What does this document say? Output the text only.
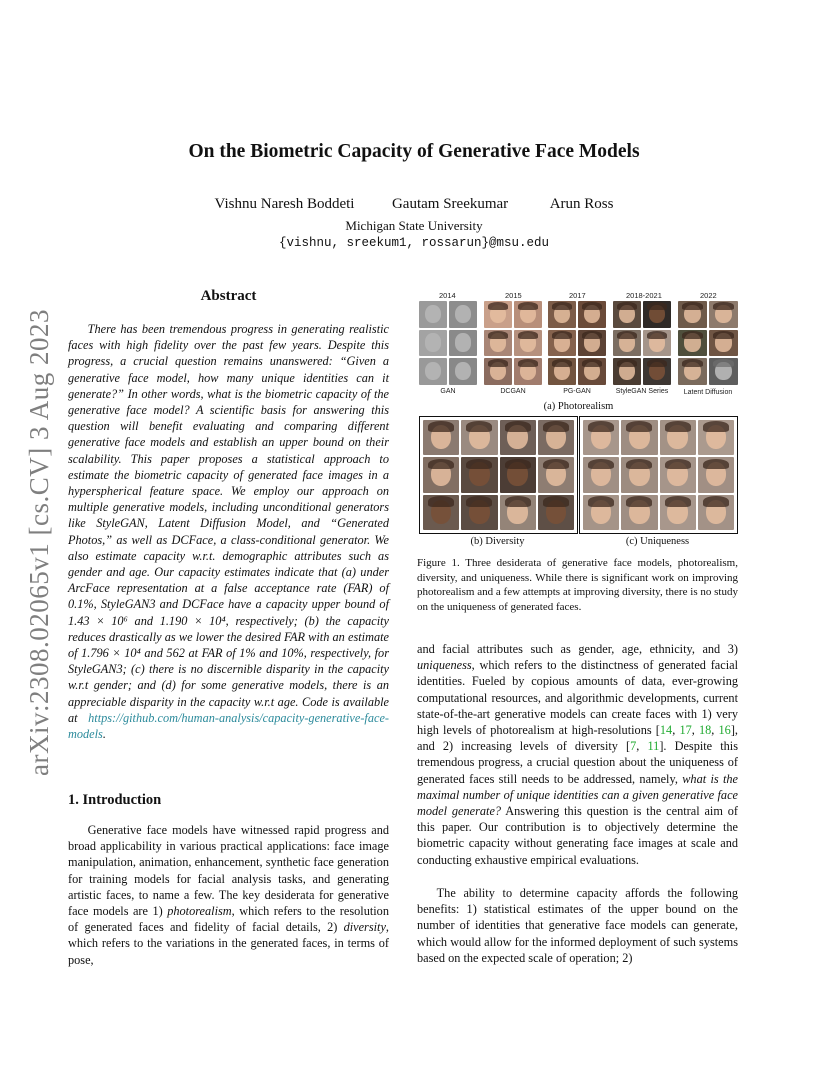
arXiv:2308.02065v1 [cs.CV] 3 Aug 2023
On the Biometric Capacity of Generative Face Models
Vishnu Naresh Boddeti	Gautam Sreekumar	Arun Ross
Michigan State University
{vishnu, sreekum1, rossarun}@msu.edu
Abstract
There has been tremendous progress in generating realistic faces with high fidelity over the past few years. Despite this progress, a crucial question remains unanswered: “Given a generative face model, how many unique identities can it generate?” In other words, what is the biometric capacity of the generative face model? A scientific basis for answering this question will benefit evaluating and comparing different generative face models and establish an upper bound on their scalability. This paper proposes a statistical approach to estimate the biometric capacity of generated face images in a hyperspherical feature space. We employ our approach on multiple generative models, including unconditional generators like StyleGAN, Latent Diffusion Model, and “Generated Photos,” as well as DCFace, a class-conditional generator. We also estimate capacity w.r.t. demographic attributes such as gender and age. Our capacity estimates indicate that (a) under ArcFace representation at a false acceptance rate (FAR) of 0.1%, StyleGAN3 and DCFace have a capacity upper bound of 1.43 × 10⁶ and 1.190 × 10⁴, respectively; (b) the capacity reduces drastically as we lower the desired FAR with an estimate of 1.796 × 10⁴ and 562 at FAR of 1% and 10%, respectively, for StyleGAN3; (c) there is no discernible disparity in the capacity w.r.t gender; and (d) for some generative models, there is an appreciable disparity in the capacity w.r.t age. Code is available at https://github.com/human-analysis/capacity-generative-face-models.
1. Introduction
Generative face models have witnessed rapid progress and broad applicability in various practical applications: face image manipulation, animation, enhancement, synthetic face generation for training models for facial analysis tasks, and generating artistic faces, to name a few. The key desiderata for generative face models are 1) photorealism, which refers to the resolution of generated faces and fidelity of facial details, 2) diversity, which refers to the variations in the generated faces, in terms of pose,
2014	2015	2017	2018-2021	2022
GAN	DCGAN	PG-GAN	StyleGAN Series	Latent Diffusion
(a) Photorealism
(b) Diversity	(c) Uniqueness
Figure 1. Three desiderata of generative face models, photorealism, diversity, and uniqueness. While there is significant work on improving photorealism and a few attempts at improving diversity, there is no study on the uniqueness of generated faces.
and facial attributes such as gender, age, ethnicity, and 3) uniqueness, which refers to the distinctness of generated facial identities. Fueled by copious amounts of data, ever-growing computational resources, and algorithmic developments, current state-of-the-art generative models can create faces with 1) very high levels of photorealism at high-resolutions [14, 17, 18, 16], and 2) increasing levels of diversity [7, 11]. Despite this tremendous progress, a crucial question about the uniqueness of generated faces still needs to be addressed, namely, what is the maximal number of unique identities can a given generative face model generate? Answering this question is the central aim of this paper. Our contribution is to objectively determine the biometric capacity without generating face images at scale and conducting exhaustive empirical evaluations.
The ability to determine capacity affords the following benefits: 1) statistical estimates of the upper bound on the number of identities that generative face models can generate, which would allow for the informed deployment of such systems based on the expected scale of operation; 2)
